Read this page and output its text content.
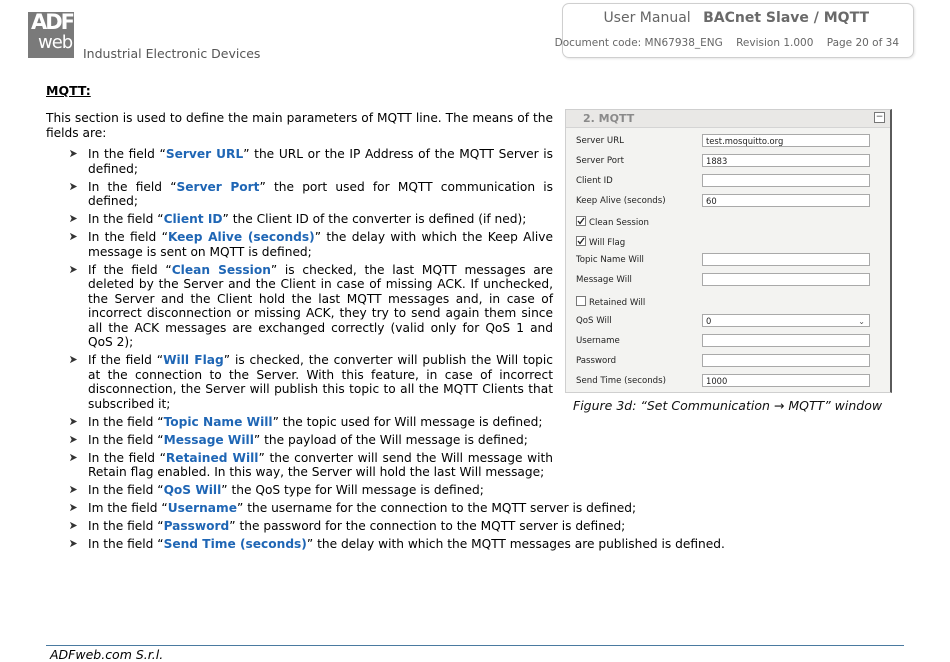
ADF
web
Industrial Electronic Devices
User Manual BACnet Slave / MQTT
Document code: MN67938_ENG Revision 1.000 Page 20 of 34
MQTT:
This section is used to define the main parameters of MQTT line. The means of the fields are:
In the field “Server URL” the URL or the IP Address of the MQTT Server is defined;
In the field “Server Port” the port used for MQTT communication is defined;
In the field “Client ID” the Client ID of the converter is defined (if ned);
In the field “Keep Alive (seconds)” the delay with which the Keep Alive message is sent on MQTT is defined;
If the field “Clean Session” is checked, the last MQTT messages are deleted by the Server and the Client in case of missing ACK. If unchecked, the Server and the Client hold the last MQTT messages and, in case of incorrect disconnection or missing ACK, they try to send again them since all the ACK messages are exchanged correctly (valid only for QoS 1 and QoS 2);
If the field “Will Flag” is checked, the converter will publish the Will topic at the connection to the Server. With this feature, in case of incorrect disconnection, the Server will publish this topic to all the MQTT Clients that subscribed it;
In the field “Topic Name Will” the topic used for Will message is defined;
In the field “Message Will” the payload of the Will message is defined;
In the field “Retained Will” the converter will send the Will message with Retain flag enabled. In this way, the Server will hold the last Will message;
In the field “QoS Will” the QoS type for Will message is defined;
Im the field “Username” the username for the connection to the MQTT server is defined;
In the field “Password” the password for the connection to the MQTT server is defined;
In the field “Send Time (seconds)” the delay with which the MQTT messages are published is defined.
2. MQTT	−
Server URL	test.mosquitto.org
Server Port	1883
Client ID
Keep Alive (seconds)	60
Clean Session
Will Flag
Topic Name Will
Message Will
Retained Will
QoS Will	0	⌄
Username
Password
Send Time (seconds)	1000
Figure 3d: “Set Communication → MQTT” window
ADFweb.com S.r.l.
